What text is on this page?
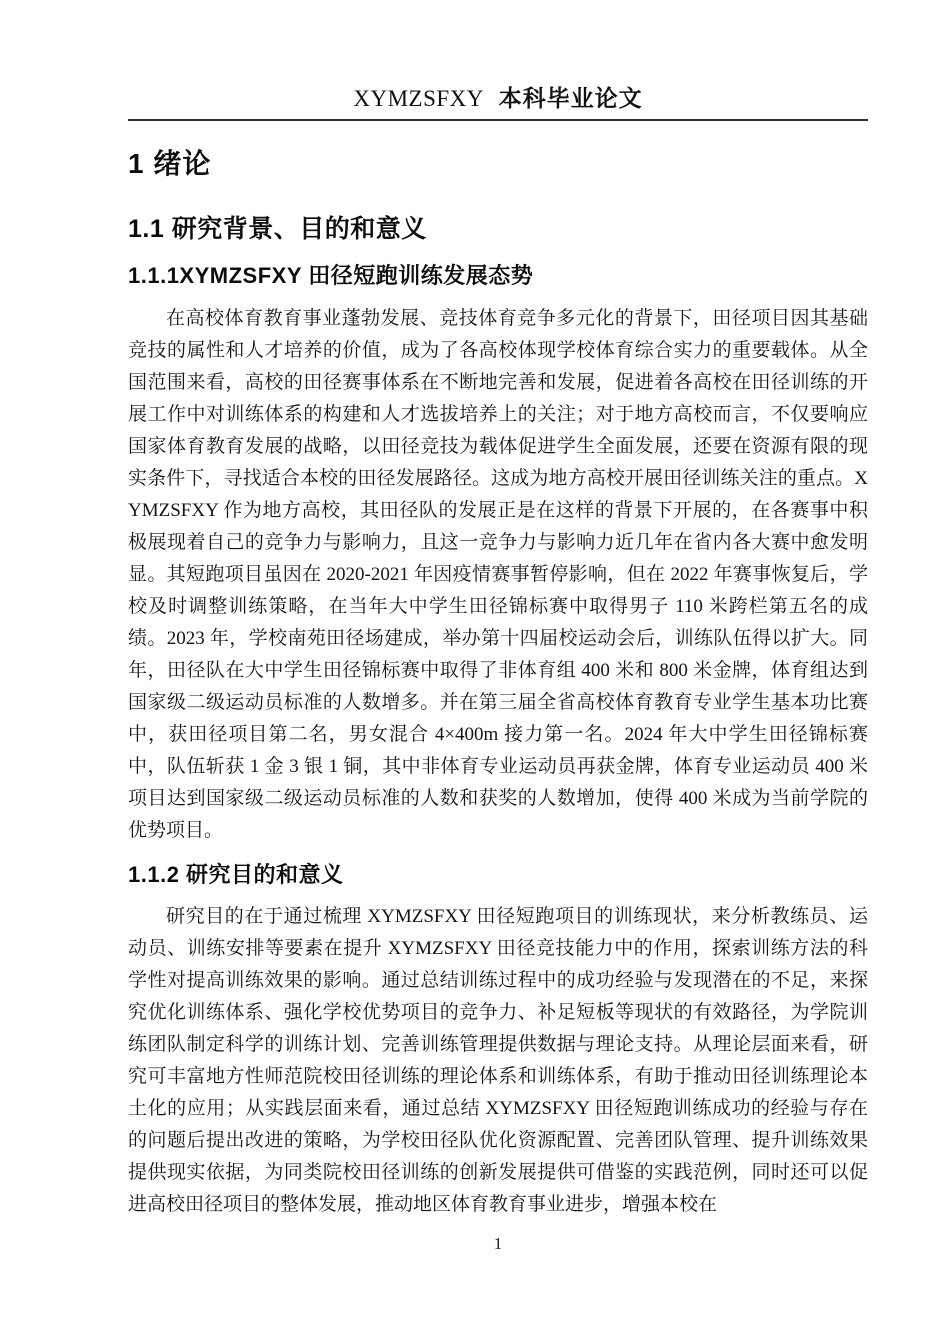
XYMZSFXY 本科毕业论文
1 绪论
1.1 研究背景、目的和意义
1.1.1XYMZSFXY 田径短跑训练发展态势

在高校体育教育事业蓬勃发展、竞技体育竞争多元化的背景下，田径项目因其基础竞技的属性和人才培养的价值，成为了各高校体现学校体育综合实力的重要载体。从全国范围来看，高校的田径赛事体系在不断地完善和发展，促进着各高校在田径训练的开展工作中对训练体系的构建和人才选拔培养上的关注；对于地方高校而言，不仅要响应国家体育教育发展的战略，以田径竞技为载体促进学生全面发展，还要在资源有限的现实条件下，寻找适合本校的田径发展路径。这成为地方高校开展田径训练关注的重点。XYMZSFXY 作为地方高校，其田径队的发展正是在这样的背景下开展的，在各赛事中积极展现着自己的竞争力与影响力，且这一竞争力与影响力近几年在省内各大赛中愈发明显。其短跑项目虽因在 2020-2021 年因疫情赛事暂停影响，但在 2022 年赛事恢复后，学校及时调整训练策略，在当年大中学生田径锦标赛中取得男子 110 米跨栏第五名的成绩。2023 年，学校南苑田径场建成，举办第十四届校运动会后，训练队伍得以扩大。同年，田径队在大中学生田径锦标赛中取得了非体育组 400 米和 800 米金牌，体育组达到国家级二级运动员标准的人数增多。并在第三届全省高校体育教育专业学生基本功比赛中，获田径项目第二名，男女混合 4×400m 接力第一名。2024 年大中学生田径锦标赛中，队伍斩获 1 金 3 银 1 铜，其中非体育专业运动员再获金牌，体育专业运动员 400 米项目达到国家级二级运动员标准的人数和获奖的人数增加，使得 400 米成为当前学院的优势项目。

1.1.2 研究目的和意义

研究目的在于通过梳理 XYMZSFXY 田径短跑项目的训练现状，来分析教练员、运动员、训练安排等要素在提升 XYMZSFXY 田径竞技能力中的作用，探索训练方法的科学性对提高训练效果的影响。通过总结训练过程中的成功经验与发现潜在的不足，来探究优化训练体系、强化学校优势项目的竞争力、补足短板等现状的有效路径，为学院训练团队制定科学的训练计划、完善训练管理提供数据与理论支持。从理论层面来看，研究可丰富地方性师范院校田径训练的理论体系和训练体系，有助于推动田径训练理论本土化的应用；从实践层面来看，通过总结 XYMZSFXY 田径短跑训练成功的经验与存在的问题后提出改进的策略，为学校田径队优化资源配置、完善团队管理、提升训练效果提供现实依据，为同类院校田径训练的创新发展提供可借鉴的实践范例，同时还可以促进高校田径项目的整体发展，推动地区体育教育事业进步，增强本校在

1
